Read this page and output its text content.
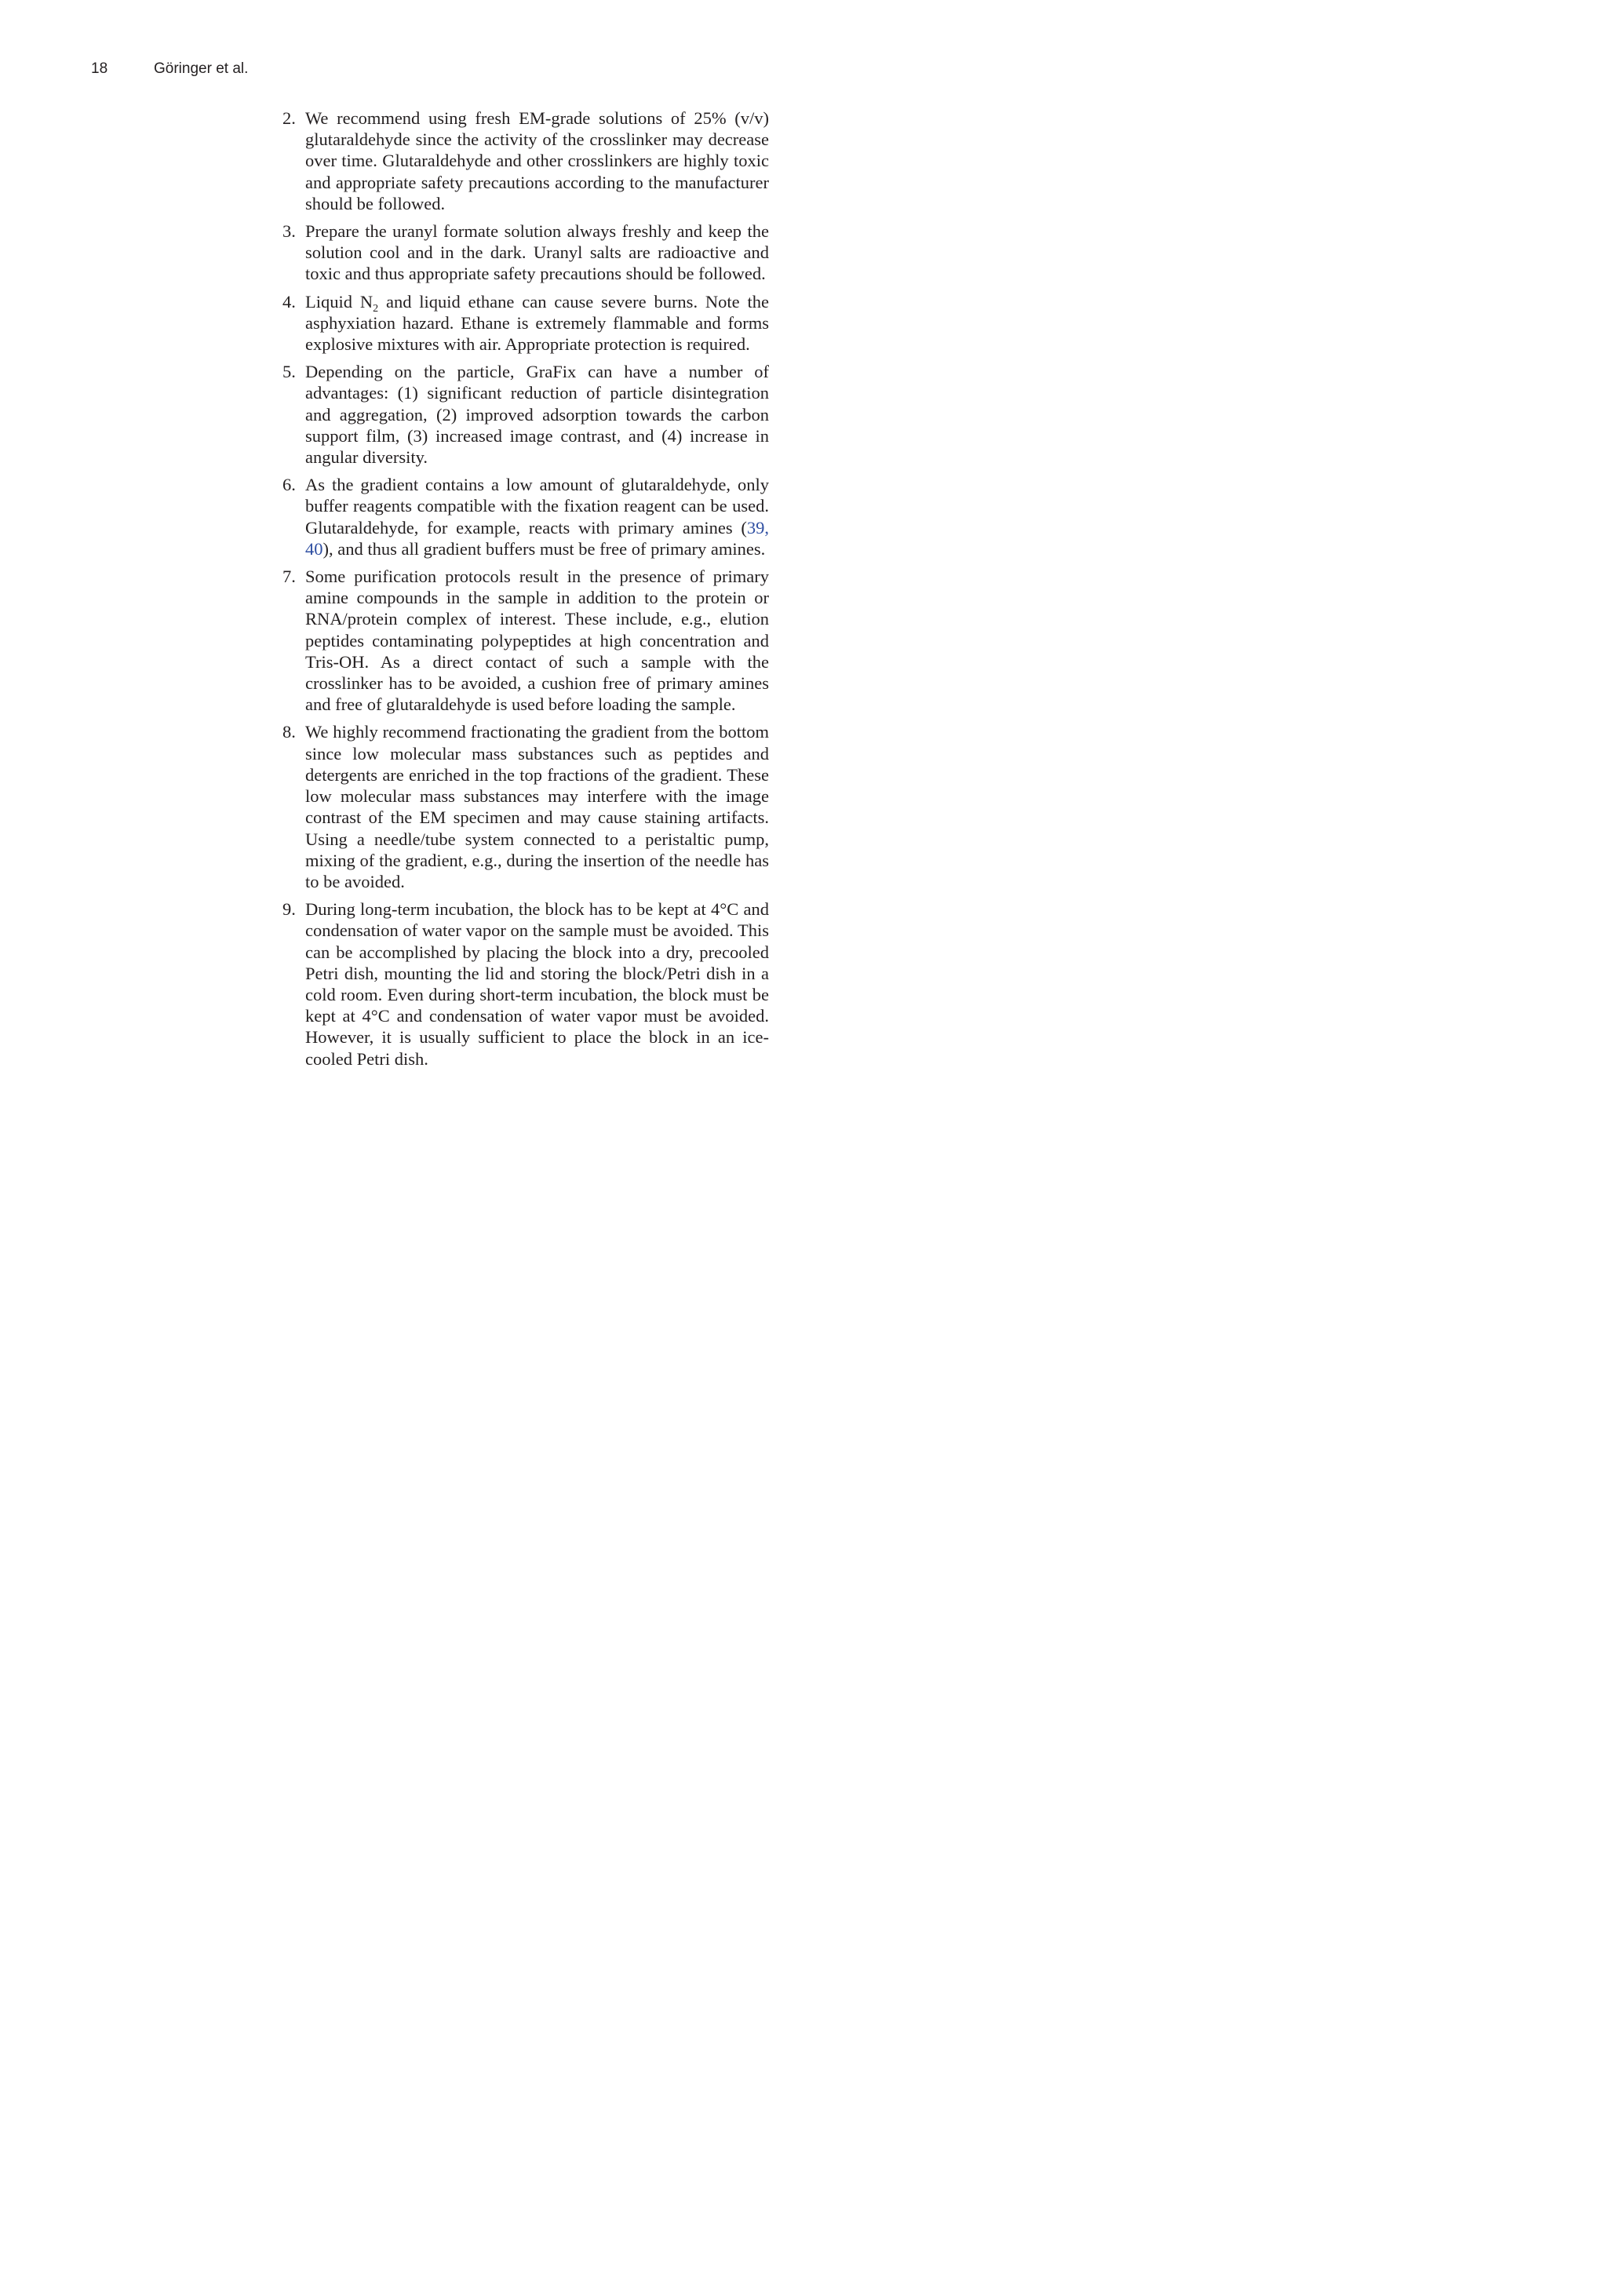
18	Göringer et al.
2. We recommend using fresh EM-grade solutions of 25% (v/v) glutaraldehyde since the activity of the crosslinker may decrease over time. Glutaraldehyde and other crosslinkers are highly toxic and appropriate safety precautions according to the manufacturer should be followed.
3. Prepare the uranyl formate solution always freshly and keep the solution cool and in the dark. Uranyl salts are radioactive and toxic and thus appropriate safety precautions should be followed.
4. Liquid $N_2$ and liquid ethane can cause severe burns. Note the asphyxiation hazard. Ethane is extremely flammable and forms explosive mixtures with air. Appropriate protection is required.
5. Depending on the particle, GraFix can have a number of advantages: (1) significant reduction of particle disintegration and aggregation, (2) improved adsorption towards the carbon support film, (3) increased image contrast, and (4) increase in angular diversity.
6. As the gradient contains a low amount of glutaraldehyde, only buffer reagents compatible with the fixation reagent can be used. Glutaraldehyde, for example, reacts with primary amines (39, 40), and thus all gradient buffers must be free of primary amines.
7. Some purification protocols result in the presence of primary amine compounds in the sample in addition to the protein or RNA/protein complex of interest. These include, e.g., elution peptides contaminating polypeptides at high concentration and Tris-OH. As a direct contact of such a sample with the crosslinker has to be avoided, a cushion free of primary amines and free of glutaraldehyde is used before loading the sample.
8. We highly recommend fractionating the gradient from the bottom since low molecular mass substances such as peptides and detergents are enriched in the top fractions of the gradient. These low molecular mass substances may interfere with the image contrast of the EM specimen and may cause staining artifacts. Using a needle/tube system connected to a peristaltic pump, mixing of the gradient, e.g., during the insertion of the needle has to be avoided.
9. During long-term incubation, the block has to be kept at 4°C and condensation of water vapor on the sample must be avoided. This can be accomplished by placing the block into a dry, precooled Petri dish, mounting the lid and storing the block/Petri dish in a cold room. Even during short-term incubation, the block must be kept at 4°C and condensation of water vapor must be avoided. However, it is usually sufficient to place the block in an ice-cooled Petri dish.
